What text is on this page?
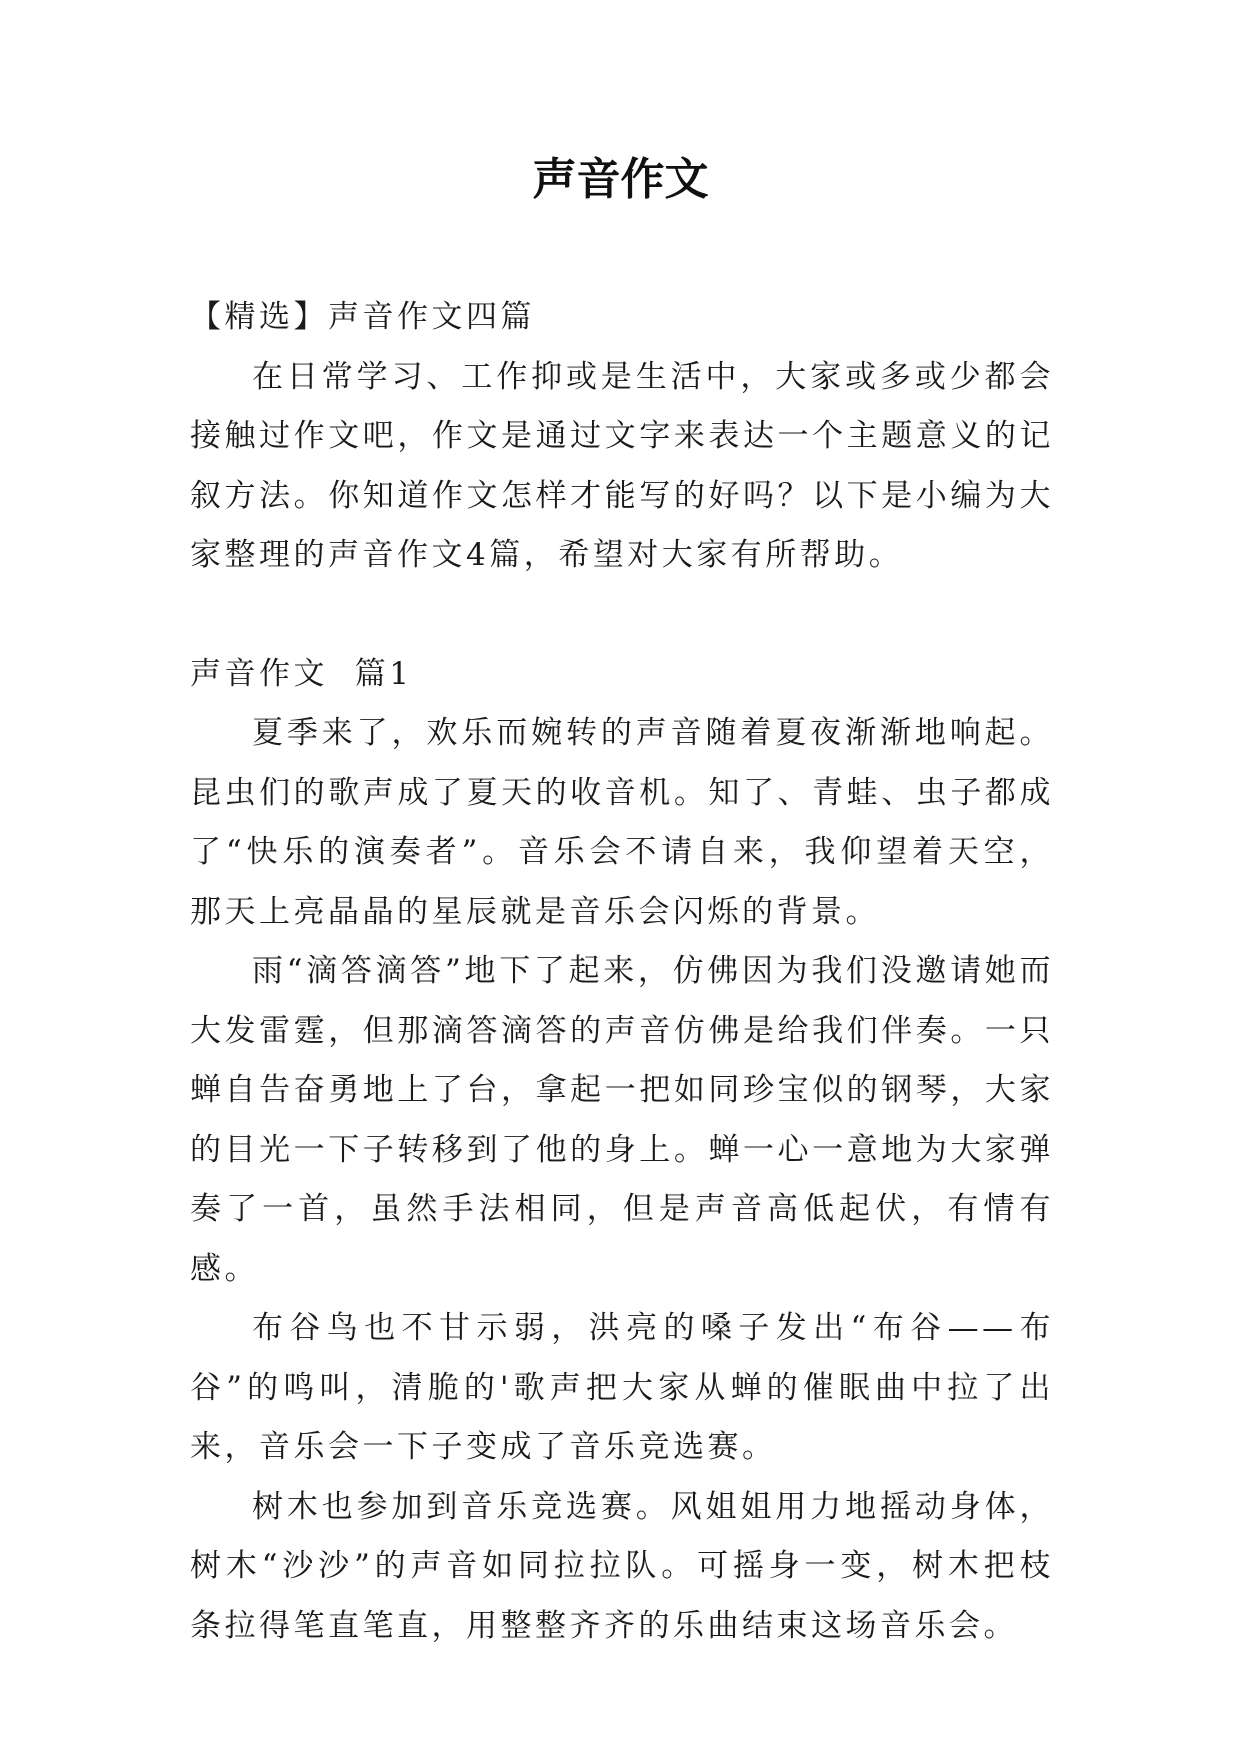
声音作文

【精选】声音作文四篇

在日常学习、工作抑或是生活中，大家或多或少都会接触过作文吧，作文是通过文字来表达一个主题意义的记叙方法。你知道作文怎样才能写的好吗？以下是小编为大家整理的声音作文4篇，希望对大家有所帮助。

声音作文  篇1

夏季来了，欢乐而婉转的声音随着夏夜渐渐地响起。昆虫们的歌声成了夏天的收音机。知了、青蛙、虫子都成了“快乐的演奏者”。音乐会不请自来，我仰望着天空，那天上亮晶晶的星辰就是音乐会闪烁的背景。

雨“滴答滴答”地下了起来，仿佛因为我们没邀请她而大发雷霆，但那滴答滴答的声音仿佛是给我们伴奏。一只蝉自告奋勇地上了台，拿起一把如同珍宝似的钢琴，大家的目光一下子转移到了他的身上。蝉一心一意地为大家弹奏了一首，虽然手法相同，但是声音高低起伏，有情有感。

布谷鸟也不甘示弱，洪亮的嗓子发出“布谷——布谷”的鸣叫，清脆的'歌声把大家从蝉的催眠曲中拉了出来，音乐会一下子变成了音乐竞选赛。

树木也参加到音乐竞选赛。风姐姐用力地摇动身体，树木“沙沙”的声音如同拉拉队。可摇身一变，树木把枝条拉得笔直笔直，用整整齐齐的乐曲结束这场音乐会。
